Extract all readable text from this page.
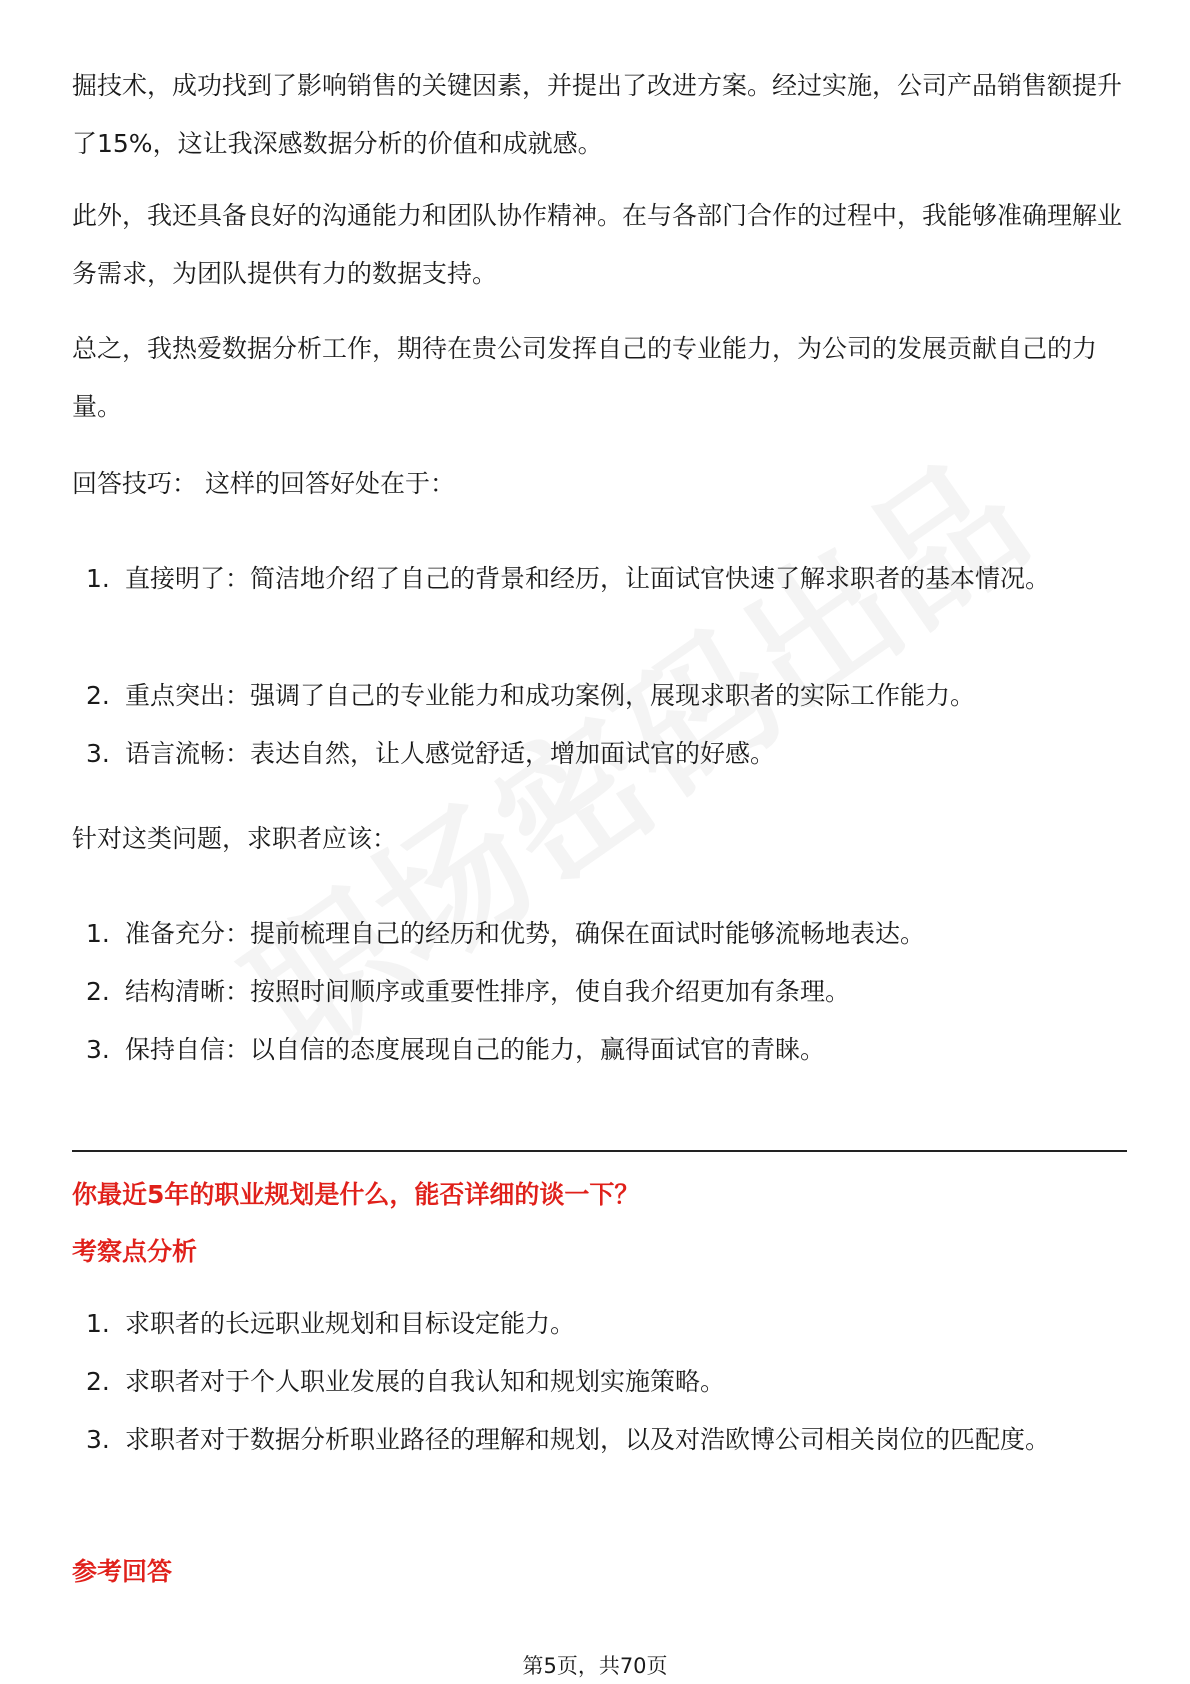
掘技术，成功找到了影响销售的关键因素，并提出了改进方案。经过实施，公司产品销售额提升了15%，这让我深感数据分析的价值和成就感。

此外，我还具备良好的沟通能力和团队协作精神。在与各部门合作的过程中，我能够准确理解业务需求，为团队提供有力的数据支持。

总之，我热爱数据分析工作，期待在贵公司发挥自己的专业能力，为公司的发展贡献自己的力量。

回答技巧： 这样的回答好处在于：

1. 直接明了：简洁地介绍了自己的背景和经历，让面试官快速了解求职者的基本情况。
2. 重点突出：强调了自己的专业能力和成功案例，展现求职者的实际工作能力。
3. 语言流畅：表达自然，让人感觉舒适，增加面试官的好感。

针对这类问题，求职者应该：

1. 准备充分：提前梳理自己的经历和优势，确保在面试时能够流畅地表达。
2. 结构清晰：按照时间顺序或重要性排序，使自我介绍更加有条理。
3. 保持自信：以自信的态度展现自己的能力，赢得面试官的青睐。

你最近5年的职业规划是什么，能否详细的谈一下？

考察点分析

1. 求职者的长远职业规划和目标设定能力。
2. 求职者对于个人职业发展的自我认知和规划实施策略。
3. 求职者对于数据分析职业路径的理解和规划，以及对浩欧博公司相关岗位的匹配度。

参考回答

第5页，共70页
